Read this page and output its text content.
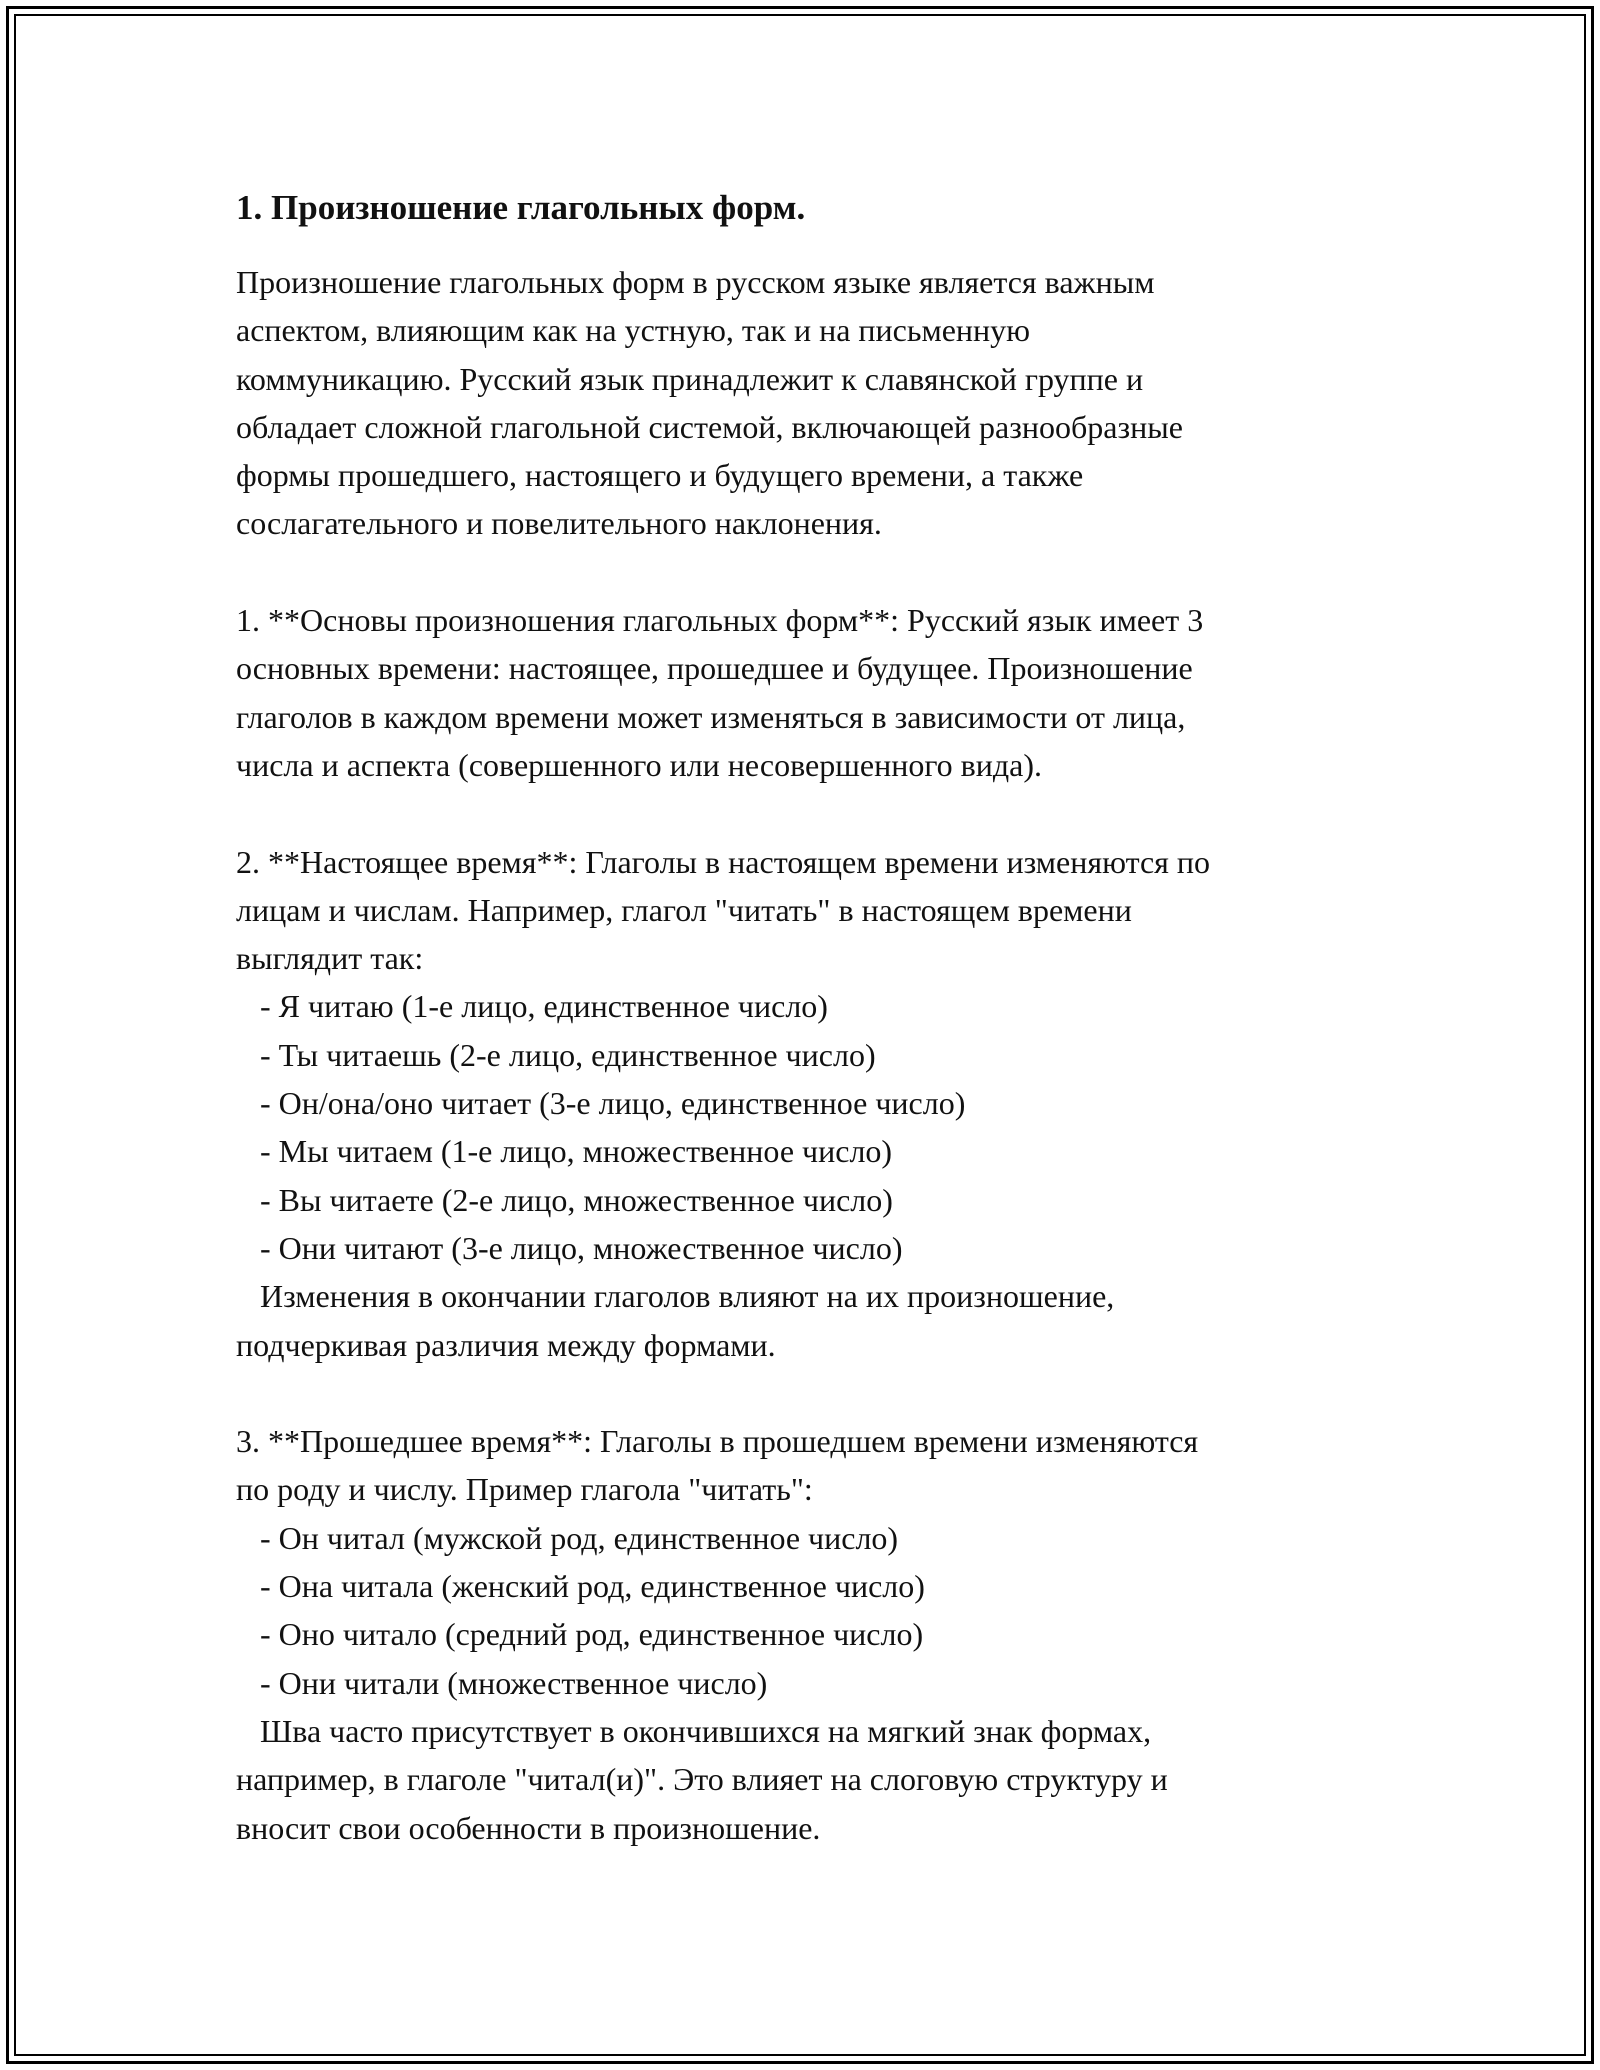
1. Произношение глагольных форм.
Произношение глагольных форм в русском языке является важным
аспектом, влияющим как на устную, так и на письменную
коммуникацию. Русский язык принадлежит к славянской группе и
обладает сложной глагольной системой, включающей разнообразные
формы прошедшего, настоящего и будущего времени, а также
сослагательного и повелительного наклонения.
1. **Основы произношения глагольных форм**: Русский язык имеет 3
основных времени: настоящее, прошедшее и будущее. Произношение
глаголов в каждом времени может изменяться в зависимости от лица,
числа и аспекта (совершенного или несовершенного вида).
2. **Настоящее время**: Глаголы в настоящем времени изменяются по
лицам и числам. Например, глагол "читать" в настоящем времени
выглядит так:
- Я читаю (1-е лицо, единственное число)
- Ты читаешь (2-е лицо, единственное число)
- Он/она/оно читает (3-е лицо, единственное число)
- Мы читаем (1-е лицо, множественное число)
- Вы читаете (2-е лицо, множественное число)
- Они читают (3-е лицо, множественное число)
Изменения в окончании глаголов влияют на их произношение,
подчеркивая различия между формами.
3. **Прошедшее время**: Глаголы в прошедшем времени изменяются
по роду и числу. Пример глагола "читать":
- Он читал (мужской род, единственное число)
- Она читала (женский род, единственное число)
- Оно читало (средний род, единственное число)
- Они читали (множественное число)
Шва часто присутствует в окончившихся на мягкий знак формах,
например, в глаголе "читал(и)". Это влияет на слоговую структуру и
вносит свои особенности в произношение.
